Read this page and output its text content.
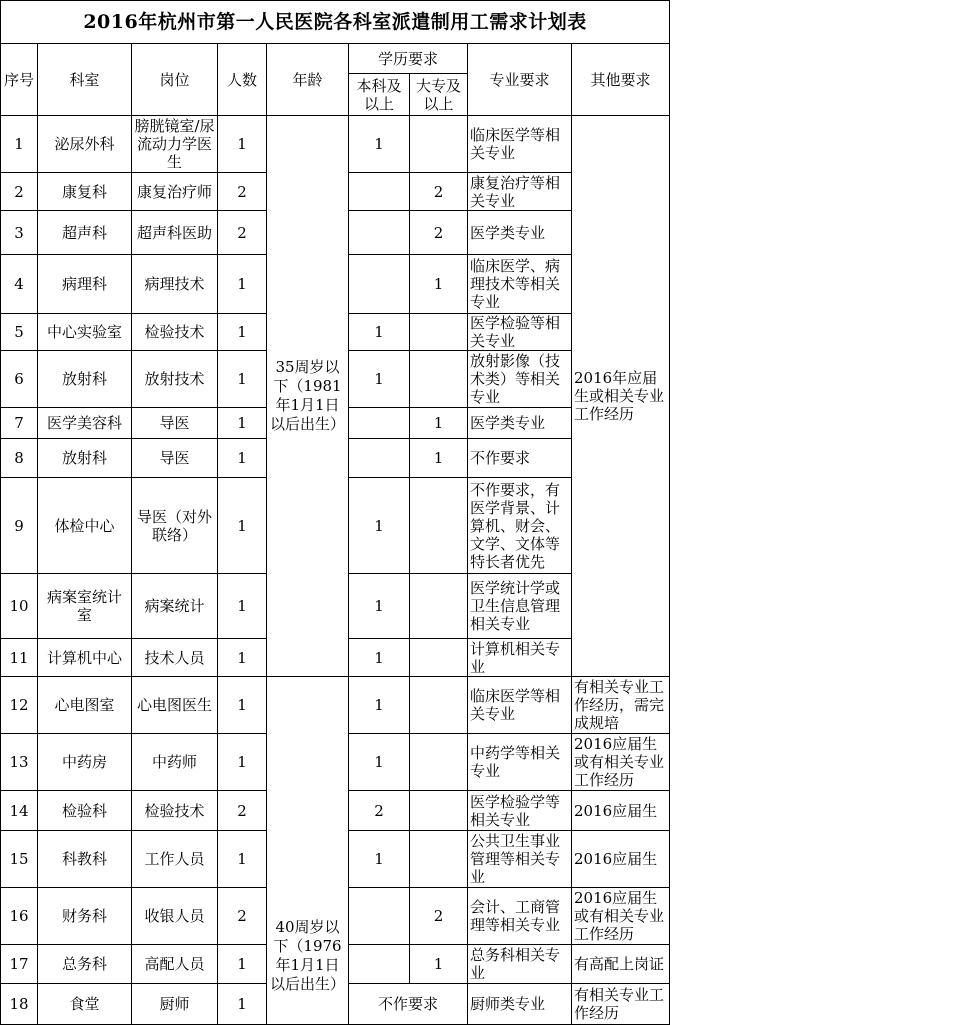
2016年杭州市第一人民医院各科室派遣制用工需求计划表								
序号	科室	岗位	人数	年龄	学历要求		专业要求	其他要求
					本科及以上	大专及以上		
1	泌尿外科	膀胱镜室/尿流动力学医生	1	35周岁以下（1981年1月1日以后出生）	1		临床医学等相关专业	2016年应届生或相关专业工作经历
2	康复科	康复治疗师	2			2	康复治疗等相关专业	
3	超声科	超声科医助	2			2	医学类专业	
4	病理科	病理技术	1			1	临床医学、病理技术等相关专业	
5	中心实验室	检验技术	1		1		医学检验等相关专业	
6	放射科	放射技术	1		1		放射影像（技术类）等相关专业	
7	医学美容科	导医	1			1	医学类专业	
8	放射科	导医	1			1	不作要求	
9	体检中心	导医（对外联络）	1		1		不作要求，有医学背景、计算机、财会、文学、文体等特长者优先	
10	病案室统计室	病案统计	1		1		医学统计学或卫生信息管理相关专业	
11	计算机中心	技术人员	1		1		计算机相关专业	
12	心电图室	心电图医生	1		1		临床医学等相关专业	有相关专业工作经历，需完成规培
13	中药房	中药师	1		1		中药学等相关专业	2016应届生或有相关专业工作经历
14	检验科	检验技术	2		2		医学检验学等相关专业	2016应届生
15	科教科	工作人员	1		1		公共卫生事业管理等相关专业	2016应届生
16	财务科	收银人员	2	40周岁以下（1976年1月1日以后出生）		2	会计、工商管理等相关专业	2016应届生或有相关专业工作经历
17	总务科	高配人员	1			1	总务科相关专业	有高配上岗证
18	食堂	厨师	1		不作要求		厨师类专业	有相关专业工作经历
